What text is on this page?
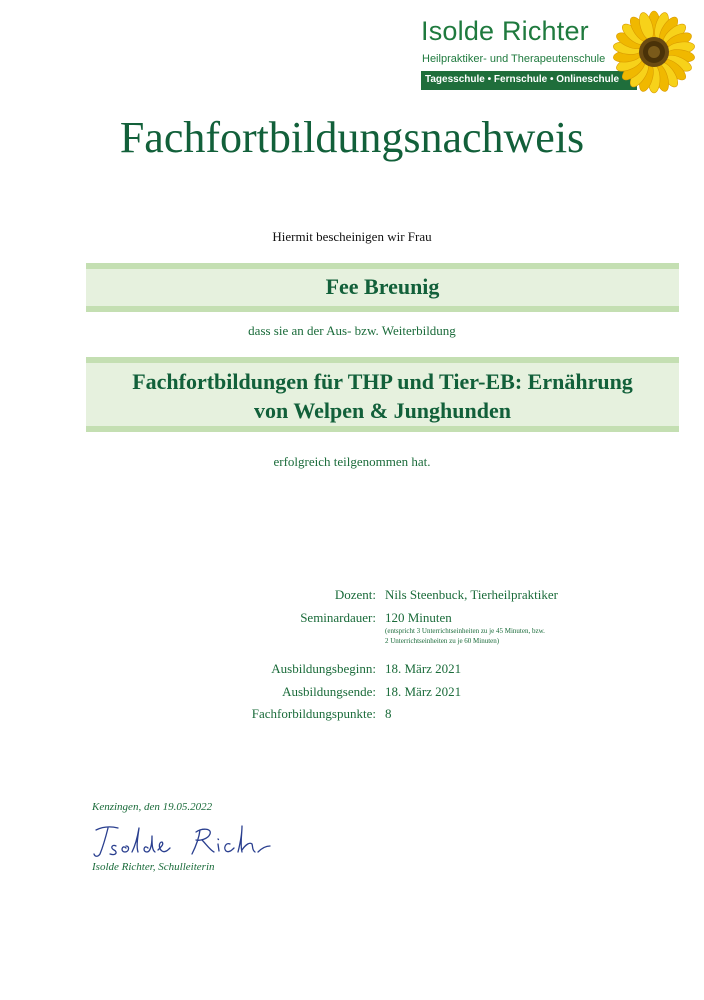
Isolde Richter
Heilpraktiker- und Therapeutenschule
Tagesschule • Fernschule • Onlineschule
Fachfortbildungsnachweis
Hiermit bescheinigen wir Frau
Fee Breunig
dass sie an der Aus- bzw. Weiterbildung
Fachfortbildungen für THP und Tier-EB: Ernährung
von Welpen & Junghunden
erfolgreich teilgenommen hat.
Dozent: Nils Steenbuck, Tierheilpraktiker
Seminardauer: 120 Minuten
(entspricht 3 Unterrichtseinheiten zu je 45 Minuten, bzw.
2 Unterrichtseinheiten zu je 60 Minuten)
Ausbildungsbeginn: 18. März 2021
Ausbildungsende: 18. März 2021
Fachforbildungspunkte: 8
Kenzingen, den 19.05.2022
Isolde Richter, Schulleiterin
